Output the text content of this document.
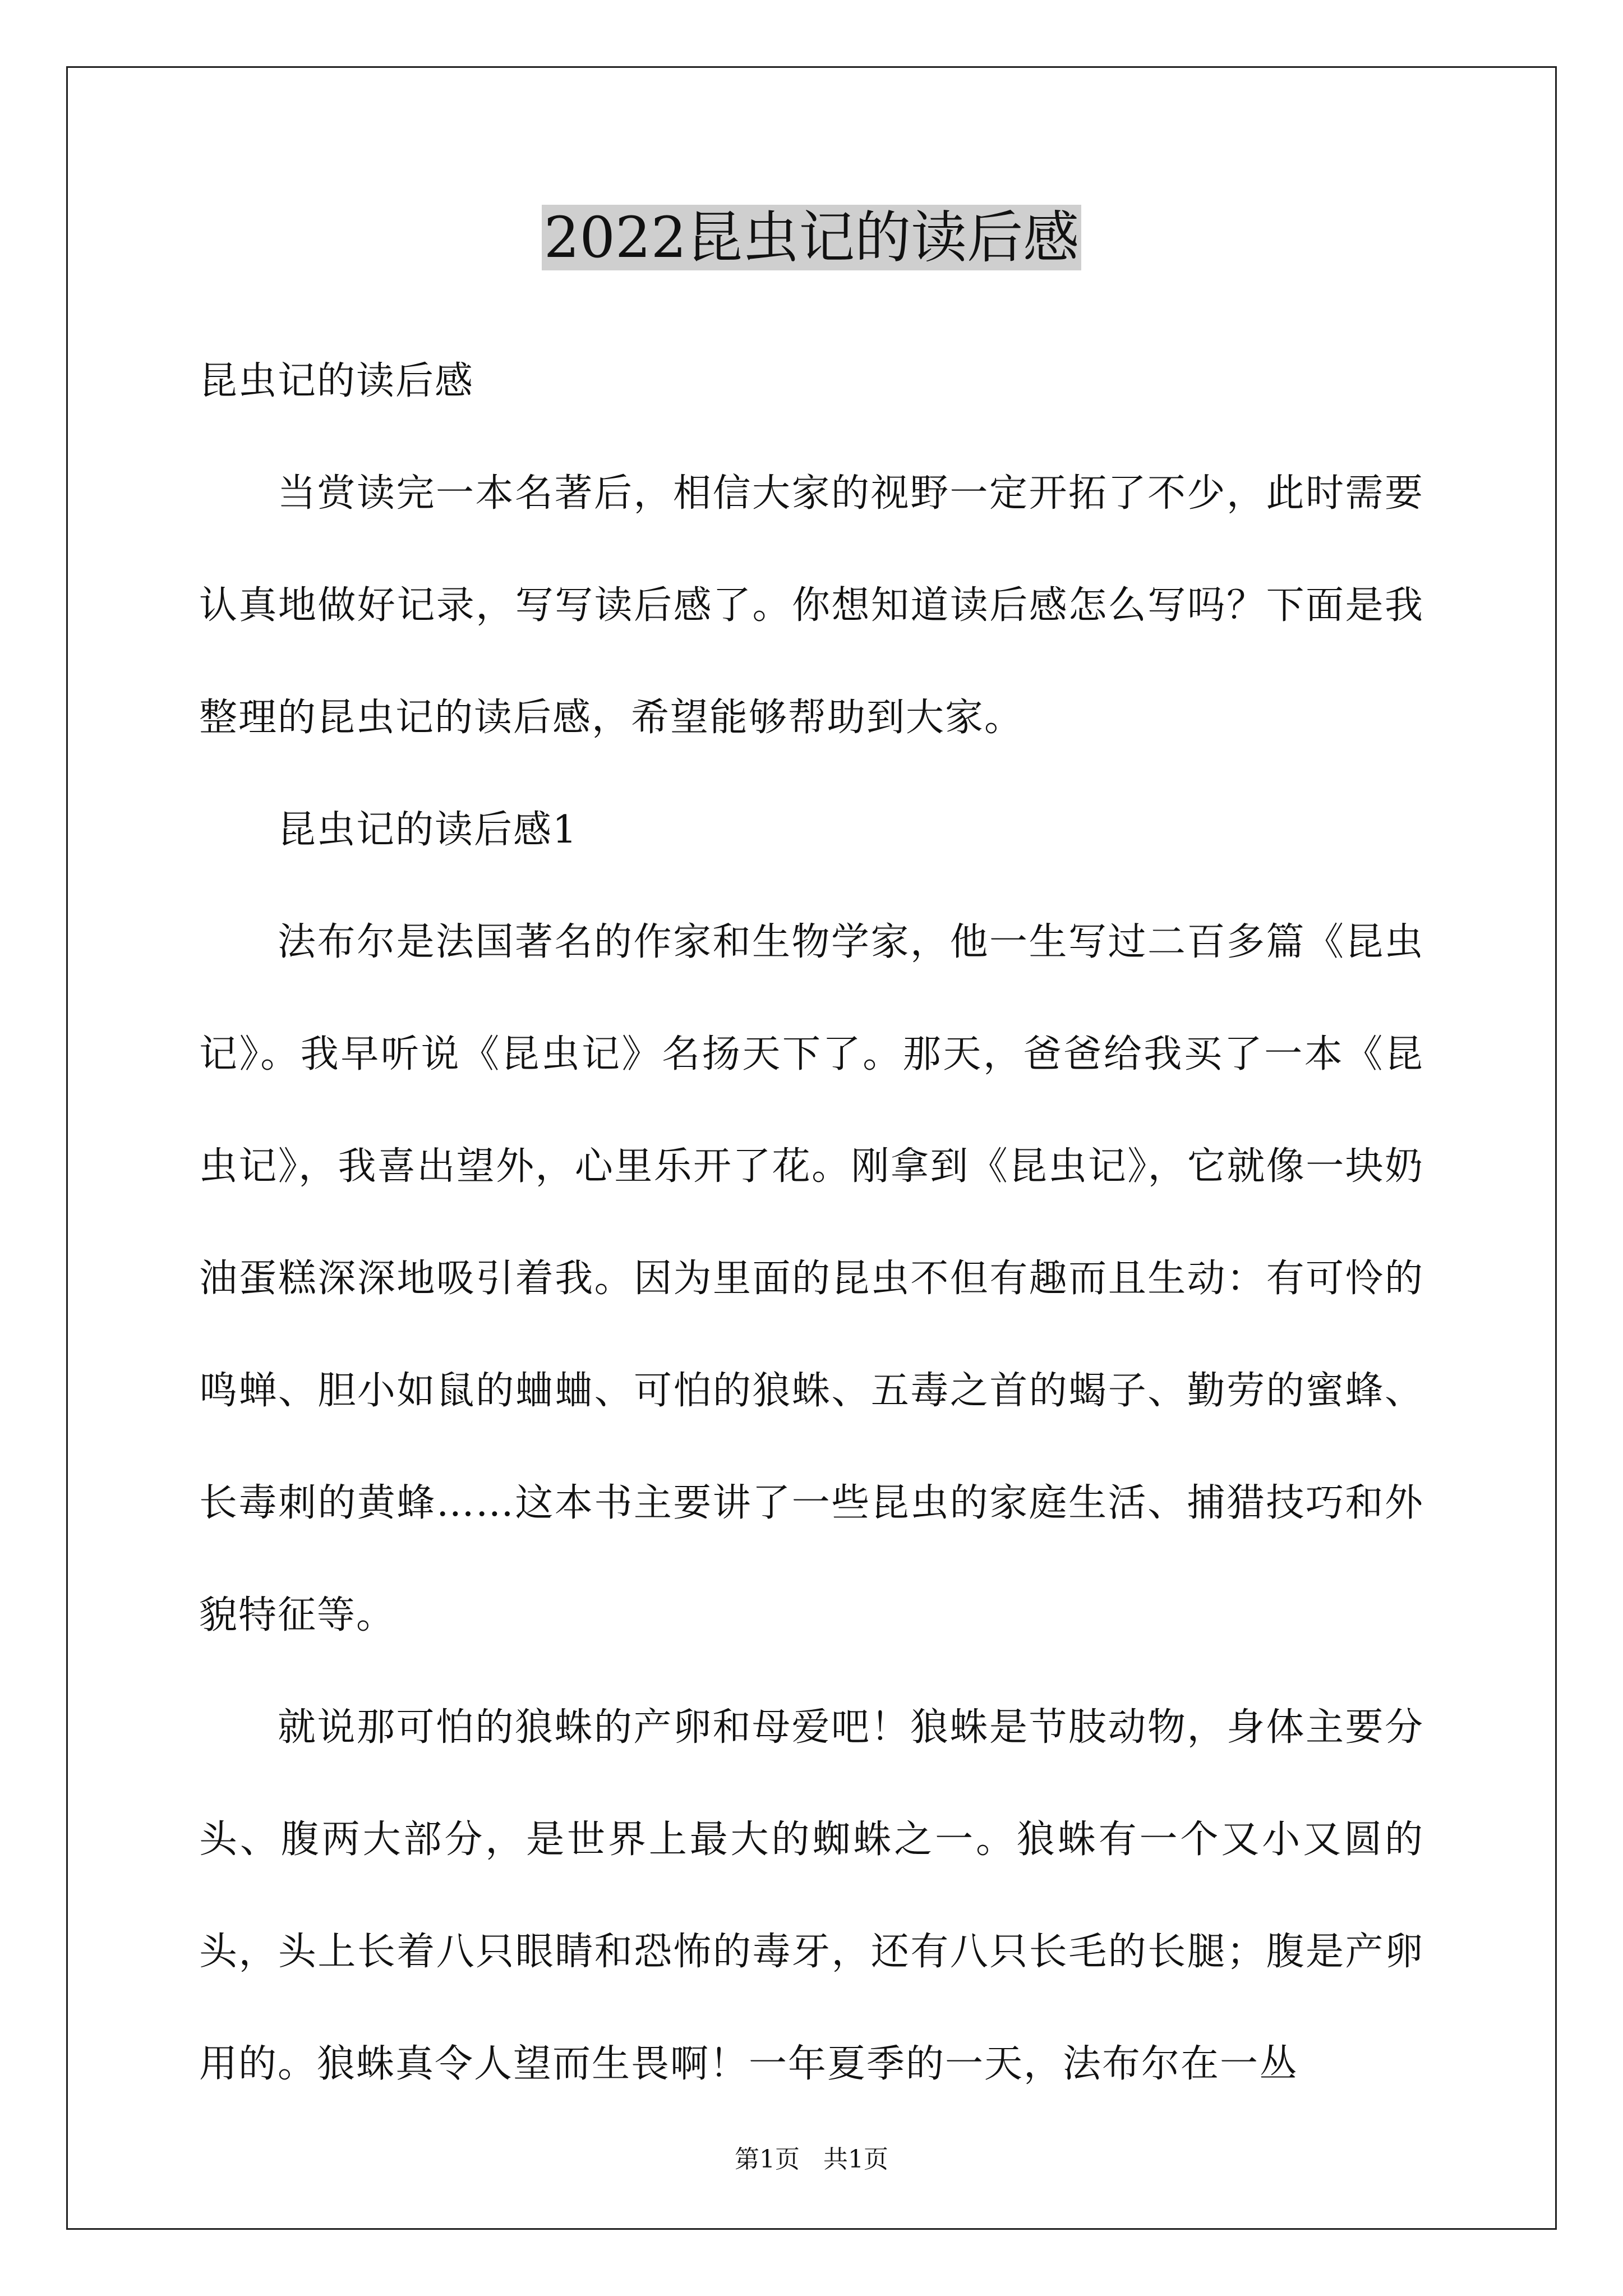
2022昆虫记的读后感

昆虫记的读后感

当赏读完一本名著后，相信大家的视野一定开拓了不少，此时需要认真地做好记录，写写读后感了。你想知道读后感怎么写吗？下面是我整理的昆虫记的读后感，希望能够帮助到大家。

昆虫记的读后感1

法布尔是法国著名的作家和生物学家，他一生写过二百多篇《昆虫记》。我早听说《昆虫记》名扬天下了。那天，爸爸给我买了一本《昆虫记》，我喜出望外，心里乐开了花。刚拿到《昆虫记》，它就像一块奶油蛋糕深深地吸引着我。因为里面的昆虫不但有趣而且生动：有可怜的鸣蝉、胆小如鼠的蛐蛐、可怕的狼蛛、五毒之首的蝎子、勤劳的蜜蜂、长毒刺的黄蜂……这本书主要讲了一些昆虫的家庭生活、捕猎技巧和外貌特征等。

就说那可怕的狼蛛的产卵和母爱吧！狼蛛是节肢动物，身体主要分头、腹两大部分，是世界上最大的蜘蛛之一。狼蛛有一个又小又圆的头，头上长着八只眼睛和恐怖的毒牙，还有八只长毛的长腿；腹是产卵用的。狼蛛真令人望而生畏啊！一年夏季的一天，法布尔在一丛

第1页   共1页
